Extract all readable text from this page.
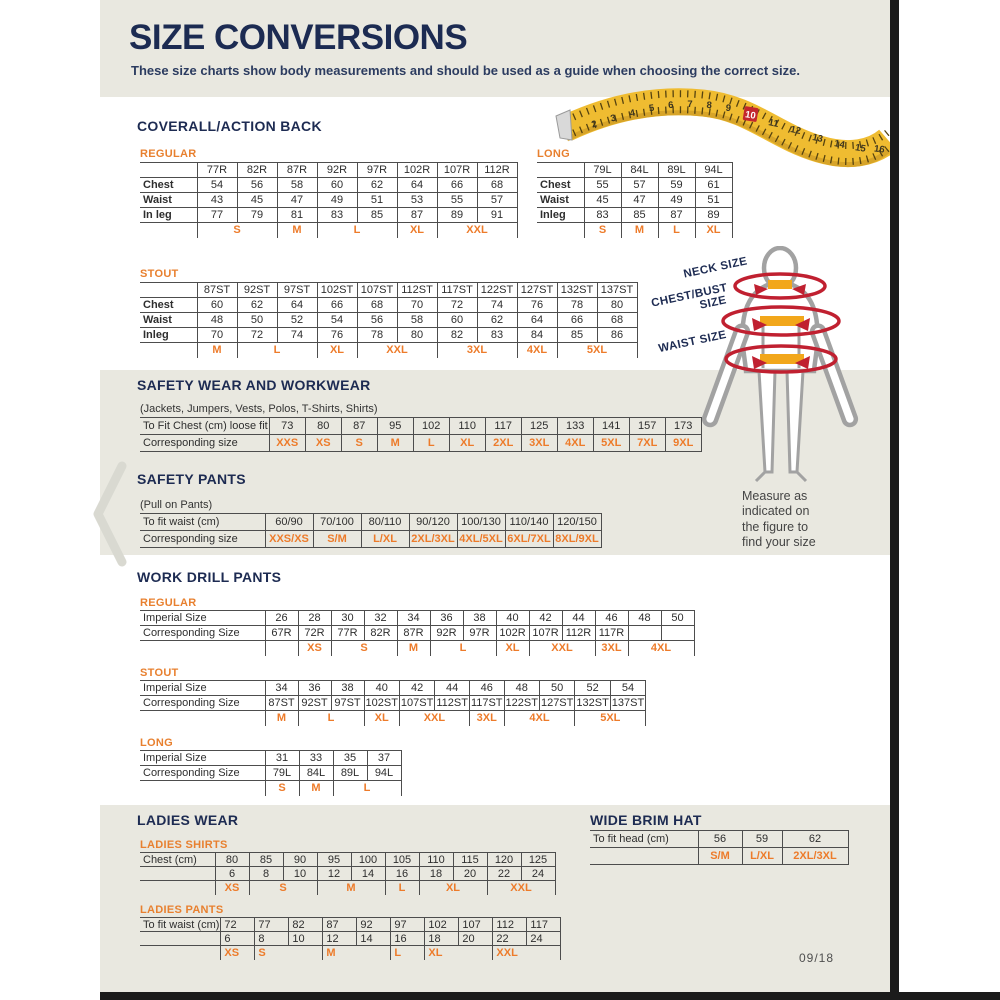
SIZE CONVERSIONS
These size charts show body measurements and should be used as a guide when choosing the correct size.
2
3 4 5 6 7 8 9
10
11
12
13 14 15 16
COVERALL/ACTION BACK
REGULAR
	77R	82R	87R	92R	97R	102R	107R	112R
Chest	54	56	58	60	62	64	66	68
Waist	43	45	47	49	51	53	55	57
In leg	77	79	81	83	85	87	89	91
	S		M	L		XL	XXL	
LONG
	79L	84L	89L	94L
Chest	55	57	59	61
Waist	45	47	49	51
Inleg	83	85	87	89
	S	M	L	XL
STOUT
	87ST	92ST	97ST	102ST	107ST	112ST	117ST	122ST	127ST	132ST	137ST
Chest	60	62	64	66	68	70	72	74	76	78	80
Waist	48	50	52	54	56	58	60	62	64	66	68
Inleg	70	72	74	76	78	80	82	83	84	85	86
	M	L		XL	XXL		3XL		4XL	5XL	
NECK SIZE
CHEST/BUST SIZE
WAIST SIZE
Measure as indicated on the figure to find your size
SAFETY WEAR AND WORKWEAR
(Jackets, Jumpers, Vests, Polos, T-Shirts, Shirts)
To Fit Chest (cm) loose fit	73	80	87	95	102	110	117	125	133	141	157	173
Corresponding size	XXS	XS	S	M	L	XL	2XL	3XL	4XL	5XL	7XL	9XL
SAFETY PANTS
(Pull on Pants)
To fit waist (cm)	60/90	70/100	80/110	90/120	100/130	110/140	120/150
Corresponding size	XXS/XS	S/M	L/XL	2XL/3XL	4XL/5XL	6XL/7XL	8XL/9XL
WORK DRILL PANTS
REGULAR
Imperial Size	26	28	30	32	34	36	38	40	42	44	46	48	50
Corresponding Size	67R	72R	77R	82R	87R	92R	97R	102R	107R	112R	117R		
		XS	S		M	L		XL	XXL		3XL	4XL	
STOUT
Imperial Size	34	36	38	40	42	44	46	48	50	52	54
Corresponding Size	87ST	92ST	97ST	102ST	107ST	112ST	117ST	122ST	127ST	132ST	137ST
	M	L		XL	XXL		3XL	4XL		5XL	
LONG
Imperial Size	31	33	35	37
Corresponding Size	79L	84L	89L	94L
	S	M	L	
LADIES WEAR
LADIES SHIRTS
Chest (cm)	80	85	90	95	100	105	110	115	120	125
	6	8	10	12	14	16	18	20	22	24
	XS	S		M		L	XL		XXL	
LADIES PANTS
To fit waist (cm)	72	77	82	87	92	97	102	107	112	117
	6	8	10	12	14	16	18	20	22	24
	XS	S		M		L	XL		XXL	
WIDE BRIM HAT
To fit head (cm)	56	59	62
	S/M	L/XL	2XL/3XL
09/18
